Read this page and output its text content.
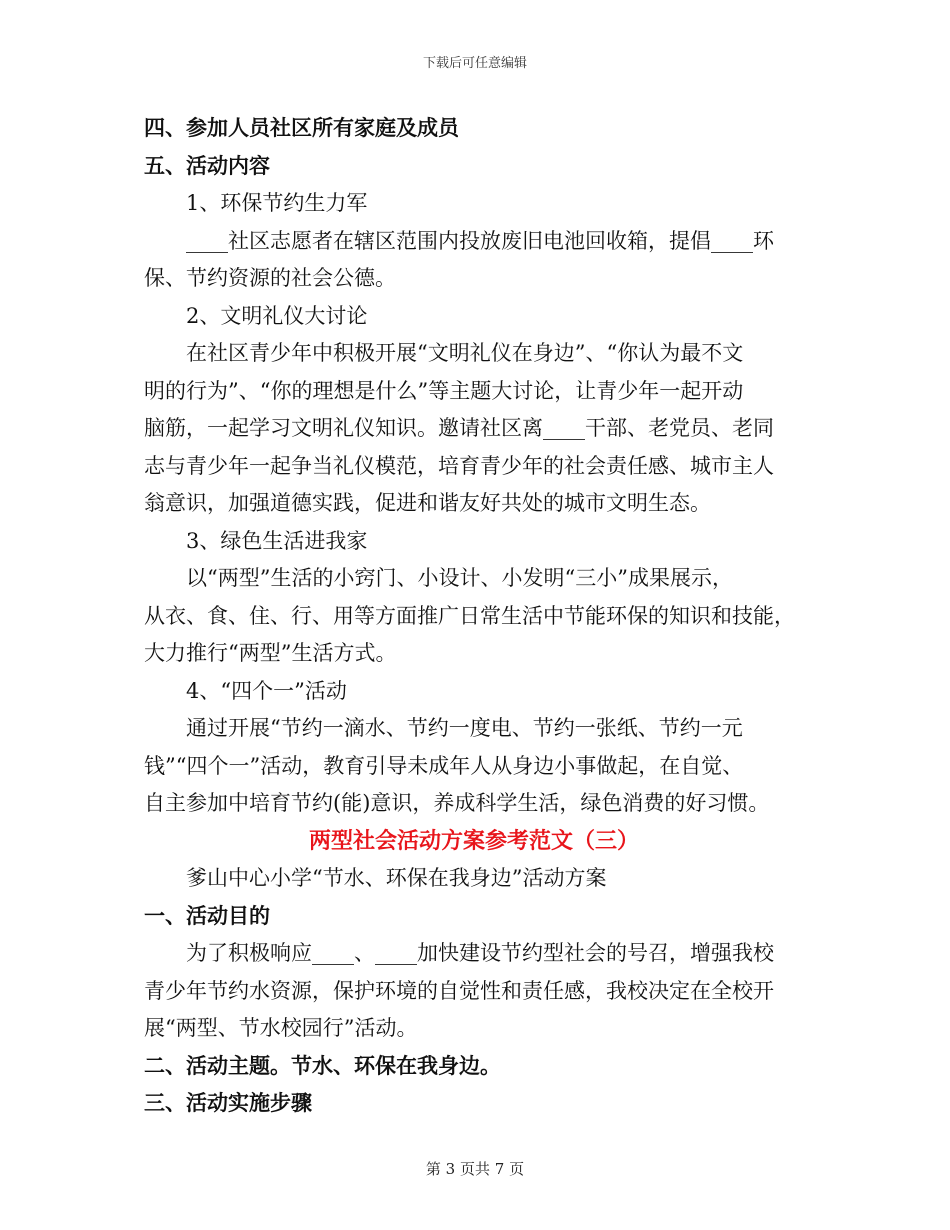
下载后可任意编辑
四、参加人员社区所有家庭及成员
五、活动内容
1、环保节约生力军
____社区志愿者在辖区范围内投放废旧电池回收箱，提倡____环
保、节约资源的社会公德。
2、文明礼仪大讨论
在社区青少年中积极开展“文明礼仪在身边”、“你认为最不文
明的行为”、“你的理想是什么”等主题大讨论，让青少年一起开动
脑筋，一起学习文明礼仪知识。邀请社区离____干部、老党员、老同
志与青少年一起争当礼仪模范，培育青少年的社会责任感、城市主人
翁意识，加强道德实践，促进和谐友好共处的城市文明生态。
3、绿色生活进我家
以“两型”生活的小窍门、小设计、小发明“三小”成果展示，
从衣、食、住、行、用等方面推广日常生活中节能环保的知识和技能，
大力推行“两型”生活方式。
4、“四个一”活动
通过开展“节约一滴水、节约一度电、节约一张纸、节约一元
钱”“四个一”活动，教育引导未成年人从身边小事做起，在自觉、
自主参加中培育节约(能)意识，养成科学生活，绿色消费的好习惯。
两型社会活动方案参考范文（三）
爹山中心小学“节水、环保在我身边”活动方案
一、活动目的
为了积极响应____、____加快建设节约型社会的号召，增强我校
青少年节约水资源，保护环境的自觉性和责任感，我校决定在全校开
展“两型、节水校园行”活动。
二、活动主题。节水、环保在我身边。
三、活动实施步骤
第 3 页共 7 页
